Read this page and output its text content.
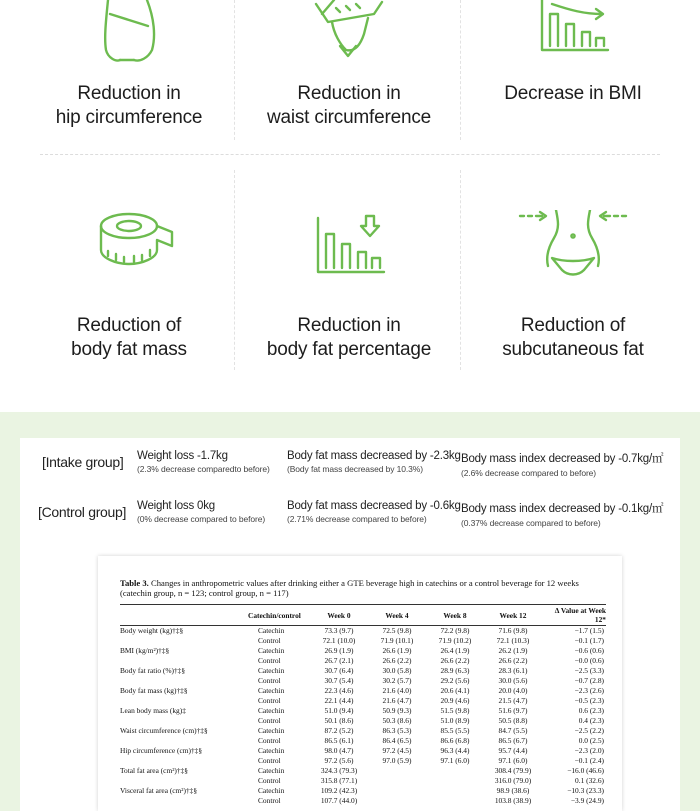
Reduction in
hip circumference
Reduction in
waist circumference
Decrease in BMI
Reduction of
body fat mass
Reduction in
body fat percentage
Reduction of
subcutaneous fat
[Intake group] Weight loss -1.7kg
(2.3% decrease comparedto before)
Body fat mass decreased by -2.3kg
(Body fat mass decreased by 10.3%)
Body mass index decreased by -0.7kg/㎡
(2.6% decrease compared to before)
[Control group] Weight loss 0kg
(0% decrease compared to before)
Body fat mass decreased by -0.6kg
(2.71% decrease compared to before)
Body mass index decreased by -0.1kg/㎡
(0.37% decrease compared to before)
Table 3. Changes in anthropometric values after drinking either a GTE beverage high in catechins or a control beverage for 12 weeks (catechin group, n = 123; control group, n = 117)
	Catechin/control	Week 0	Week 4	Week 8	Week 12	Δ Value at Week 12*
Body weight (kg)†‡§	Catechin	73.3 (9.7)	72.5 (9.8)	72.2 (9.8)	71.6 (9.8)	−1.7 (1.5)
	Control	72.1 (10.0)	71.9 (10.1)	71.9 (10.2)	72.1 (10.3)	−0.1 (1.7)
BMI (kg/m²)†‡§	Catechin	26.9 (1.9)	26.6 (1.9)	26.4 (1.9)	26.2 (1.9)	−0.6 (0.6)
	Control	26.7 (2.1)	26.6 (2.2)	26.6 (2.2)	26.6 (2.2)	−0.0 (0.6)
Body fat ratio (%)†‡§	Catechin	30.7 (6.4)	30.0 (5.8)	28.9 (6.3)	28.3 (6.1)	−2.5 (3.3)
	Control	30.7 (5.4)	30.2 (5.7)	29.2 (5.6)	30.0 (5.6)	−0.7 (2.8)
Body fat mass (kg)†‡§	Catechin	22.3 (4.6)	21.6 (4.0)	20.6 (4.1)	20.0 (4.0)	−2.3 (2.6)
	Control	22.1 (4.4)	21.6 (4.7)	20.9 (4.6)	21.5 (4.7)	−0.5 (2.3)
Lean body mass (kg)‡	Catechin	51.0 (9.4)	50.9 (9.3)	51.5 (9.8)	51.6 (9.7)	0.6 (2.3)
	Control	50.1 (8.6)	50.3 (8.6)	51.0 (8.9)	50.5 (8.8)	0.4 (2.3)
Waist circumference (cm)†‡§	Catechin	87.2 (5.2)	86.3 (5.3)	85.5 (5.5)	84.7 (5.5)	−2.5 (2.2)
	Control	86.5 (6.1)	86.4 (6.5)	86.6 (6.8)	86.5 (6.7)	0.0 (2.5)
Hip circumference (cm)†‡§	Catechin	98.0 (4.7)	97.2 (4.5)	96.3 (4.4)	95.7 (4.4)	−2.3 (2.0)
	Control	97.2 (5.6)	97.0 (5.9)	97.1 (6.0)	97.1 (6.0)	−0.1 (2.4)
Total fat area (cm²)†‡§	Catechin	324.3 (79.3)			308.4 (79.9)	−16.0 (46.6)
	Control	315.8 (77.1)			316.0 (79.0)	0.1 (32.6)
Visceral fat area (cm²)†‡§	Catechin	109.2 (42.3)			98.9 (38.6)	−10.3 (23.3)
	Control	107.7 (44.0)			103.8 (38.9)	−3.9 (24.9)
